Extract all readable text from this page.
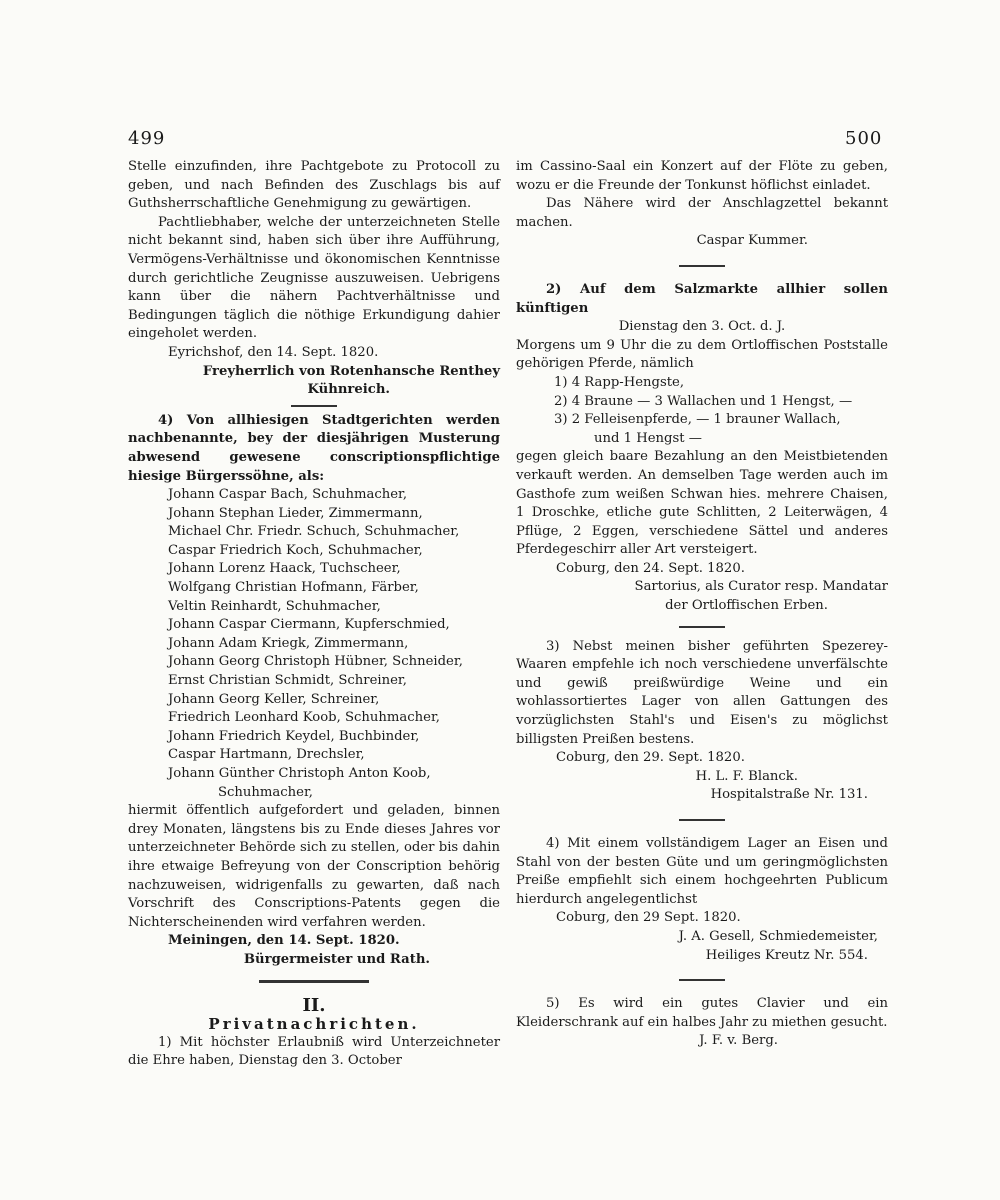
499	500

Stelle einzufinden, ihre Pachtgebote zu Protocoll zu geben, und nach Befinden des Zuschlags bis auf Guthsherrschaftliche Genehmigung zu gewärtigen.

Pachtliebhaber, welche der unterzeichneten Stelle nicht bekannt sind, haben sich über ihre Aufführung, Vermögens-Verhältnisse und ökonomischen Kenntnisse durch gerichtliche Zeugnisse auszuweisen. Uebrigens kann über die nähern Pachtverhältnisse und Bedingungen täglich die nöthige Erkundigung dahier eingeholet werden.

Eyrichshof, den 14. Sept. 1820.

Freyherrlich von Rotenhansche Renthey

Kühnreich.

4) Von allhiesigen Stadtgerichten werden nachbenannte, bey der diesjährigen Musterung abwesend gewesene conscriptionspflichtige hiesige Bürgerssöhne, als:

Johann Caspar Bach, Schuhmacher,
Johann Stephan Lieder, Zimmermann,
Michael Chr. Friedr. Schuch, Schuhmacher,
Caspar Friedrich Koch, Schuhmacher,
Johann Lorenz Haack, Tuchscheer,
Wolfgang Christian Hofmann, Färber,
Veltin Reinhardt, Schuhmacher,
Johann Caspar Ciermann, Kupferschmied,
Johann Adam Kriegk, Zimmermann,
Johann Georg Christoph Hübner, Schneider,
Ernst Christian Schmidt, Schreiner,
Johann Georg Keller, Schreiner,
Friedrich Leonhard Koob, Schuhmacher,
Johann Friedrich Keydel, Buchbinder,
Caspar Hartmann, Drechsler,
Johann Günther Christoph Anton Koob,
Schuhmacher,

hiermit öffentlich aufgefordert und geladen, binnen drey Monaten, längstens bis zu Ende dieses Jahres vor unterzeichneter Behörde sich zu stellen, oder bis dahin ihre etwaige Befreyung von der Conscription behörig nachzuweisen, widrigenfalls zu gewarten, daß nach Vorschrift des Conscriptions-Patents gegen die Nichterscheinenden wird verfahren werden.

Meiningen, den 14. Sept. 1820.

Bürgermeister und Rath.

II.

Privatnachrichten.

1) Mit höchster Erlaubniß wird Unterzeichneter die Ehre haben, Dienstag den 3. October

im Cassino-Saal ein Konzert auf der Flöte zu geben, wozu er die Freunde der Tonkunst höflichst einladet.

Das Nähere wird der Anschlagzettel bekannt machen.

Caspar Kummer.

2) Auf dem Salzmarkte allhier sollen künftigen

Dienstag den 3. Oct. d. J.

Morgens um 9 Uhr die zu dem Ortloffischen Poststalle gehörigen Pferde, nämlich

1) 4 Rapp-Hengste,
2) 4 Braune — 3 Wallachen und 1 Hengst, —
3) 2 Felleisenpferde, — 1 brauner Wallach,
und 1 Hengst —

gegen gleich baare Bezahlung an den Meistbietenden verkauft werden. An demselben Tage werden auch im Gasthofe zum weißen Schwan hies. mehrere Chaisen, 1 Droschke, etliche gute Schlitten, 2 Leiterwägen, 4 Pflüge, 2 Eggen, verschiedene Sättel und anderes Pferdegeschirr aller Art versteigert.

Coburg, den 24. Sept. 1820.

Sartorius, als Curator resp. Mandatar

der Ortloffischen Erben.

3) Nebst meinen bisher geführten Spezerey-Waaren empfehle ich noch verschiedene unverfälschte und gewiß preißwürdige Weine und ein wohlassortiertes Lager von allen Gattungen des vorzüglichsten Stahl's und Eisen's zu möglichst billigsten Preißen bestens.

Coburg, den 29. Sept. 1820.

H. L. F. Blanck.

Hospitalstraße Nr. 131.

4) Mit einem vollständigem Lager an Eisen und Stahl von der besten Güte und um geringmöglichsten Preiße empfiehlt sich einem hochgeehrten Publicum hierdurch angelegentlichst

Coburg, den 29 Sept. 1820.

J. A. Gesell, Schmiedemeister,

Heiliges Kreutz Nr. 554.

5) Es wird ein gutes Clavier und ein Kleiderschrank auf ein halbes Jahr zu miethen gesucht.

J. F. v. Berg.
